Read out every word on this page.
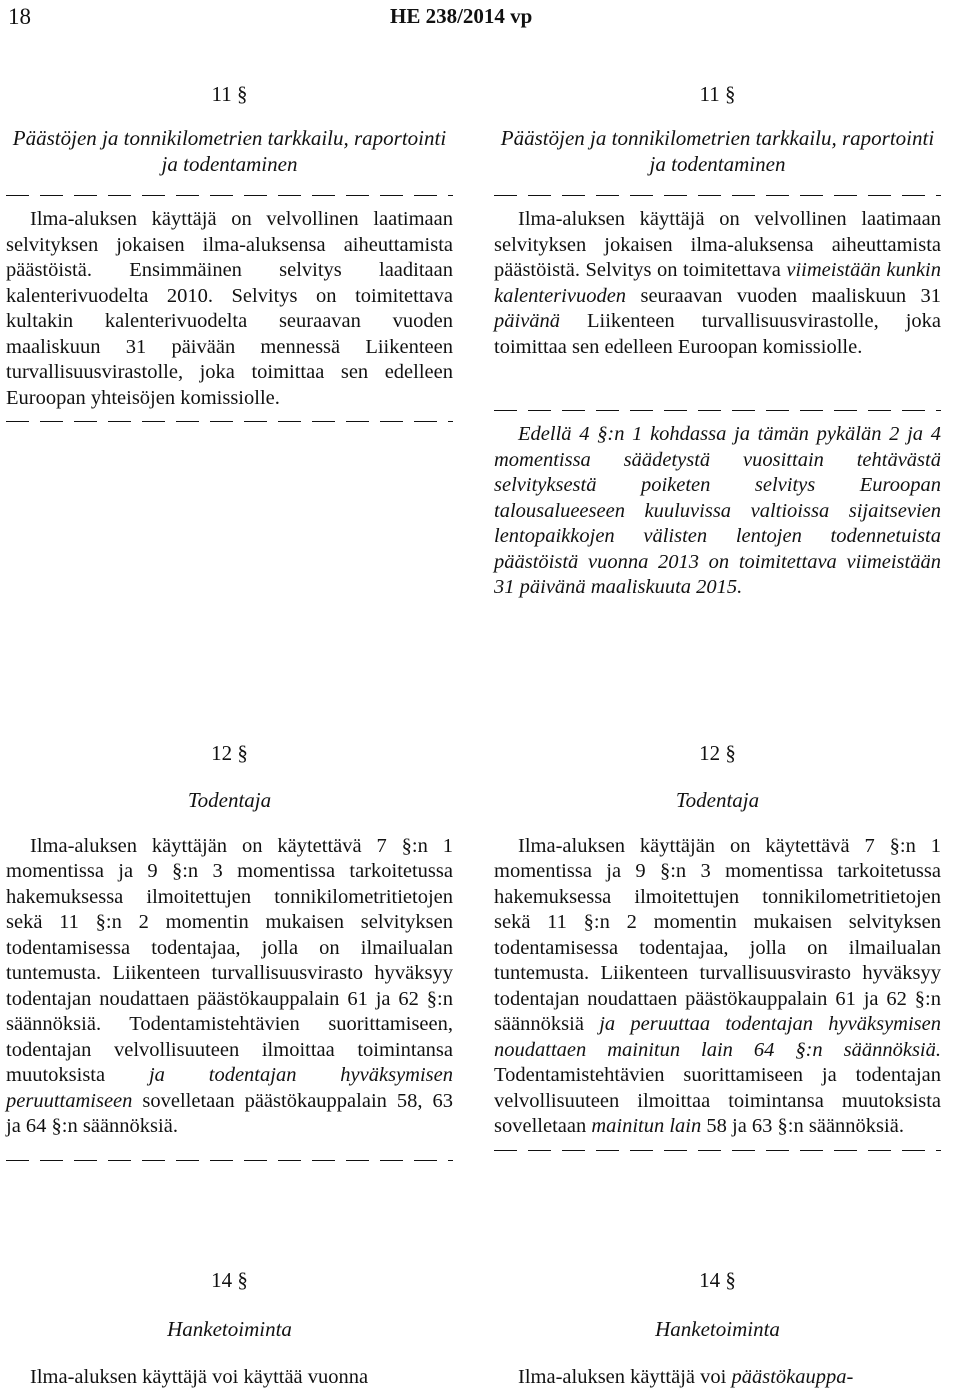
18	HE 238/2014 vp
11 §
Päästöjen ja tonnikilometrien tarkkailu, raportointi ja todentaminen
Ilma-aluksen käyttäjä on velvollinen laatimaan selvityksen jokaisen ilma-aluksensa aiheuttamista päästöistä. Ensimmäinen selvitys laaditaan kalenterivuodelta 2010. Selvitys on toimitettava kultakin kalenterivuodelta seuraavan vuoden maaliskuun 31 päivään mennessä Liikenteen turvallisuusvirastolle, joka toimittaa sen edelleen Euroopan yhteisöjen komissiolle.
12 §
Todentaja
Ilma-aluksen käyttäjän on käytettävä 7 §:n 1 momentissa ja 9 §:n 3 momentissa tarkoitetussa hakemuksessa ilmoitettujen tonnikilometritietojen sekä 11 §:n 2 momentin mukaisen selvityksen todentamisessa todentajaa, jolla on ilmailualan tuntemusta. Liikenteen turvallisuusvirasto hyväksyy todentajan noudattaen päästökauppalain 61 ja 62 §:n säännöksiä. Todentamistehtävien suorittamiseen, todentajan velvollisuuteen ilmoittaa toimintansa muutoksista ja todentajan hyväksymisen peruuttamiseen sovelletaan päästökauppalain 58, 63 ja 64 §:n säännöksiä.
14 §
Hanketoiminta
Ilma-aluksen käyttäjä voi käyttää vuonna
11 §
Päästöjen ja tonnikilometrien tarkkailu, raportointi ja todentaminen
Ilma-aluksen käyttäjä on velvollinen laatimaan selvityksen jokaisen ilma-aluksensa aiheuttamista päästöistä. Selvitys on toimitettava viimeistään kunkin kalenterivuoden seuraavan vuoden maaliskuun 31 päivänä Liikenteen turvallisuusvirastolle, joka toimittaa sen edelleen Euroopan komissiolle.
Edellä 4 §:n 1 kohdassa ja tämän pykälän 2 ja 4 momentissa säädetystä vuosittain tehtävästä selvityksestä poiketen selvitys Euroopan talousalueeseen kuuluvissa valtioissa sijaitsevien lentopaikkojen välisten lentojen todennetuista päästöistä vuonna 2013 on toimitettava viimeistään 31 päivänä maaliskuuta 2015.
12 §
Todentaja
Ilma-aluksen käyttäjän on käytettävä 7 §:n 1 momentissa ja 9 §:n 3 momentissa tarkoitetussa hakemuksessa ilmoitettujen tonnikilometritietojen sekä 11 §:n 2 momentin mukaisen selvityksen todentamisessa todentajaa, jolla on ilmailualan tuntemusta. Liikenteen turvallisuusvirasto hyväksyy todentajan noudattaen päästökauppalain 61 ja 62 §:n säännöksiä ja peruuttaa todentajan hyväksymisen noudattaen mainitun lain 64 §:n säännöksiä. Todentamistehtävien suorittamiseen ja todentajan velvollisuuteen ilmoittaa toimintansa muutoksista sovelletaan mainitun lain 58 ja 63 §:n säännöksiä.
14 §
Hanketoiminta
Ilma-aluksen käyttäjä voi päästökauppa-
